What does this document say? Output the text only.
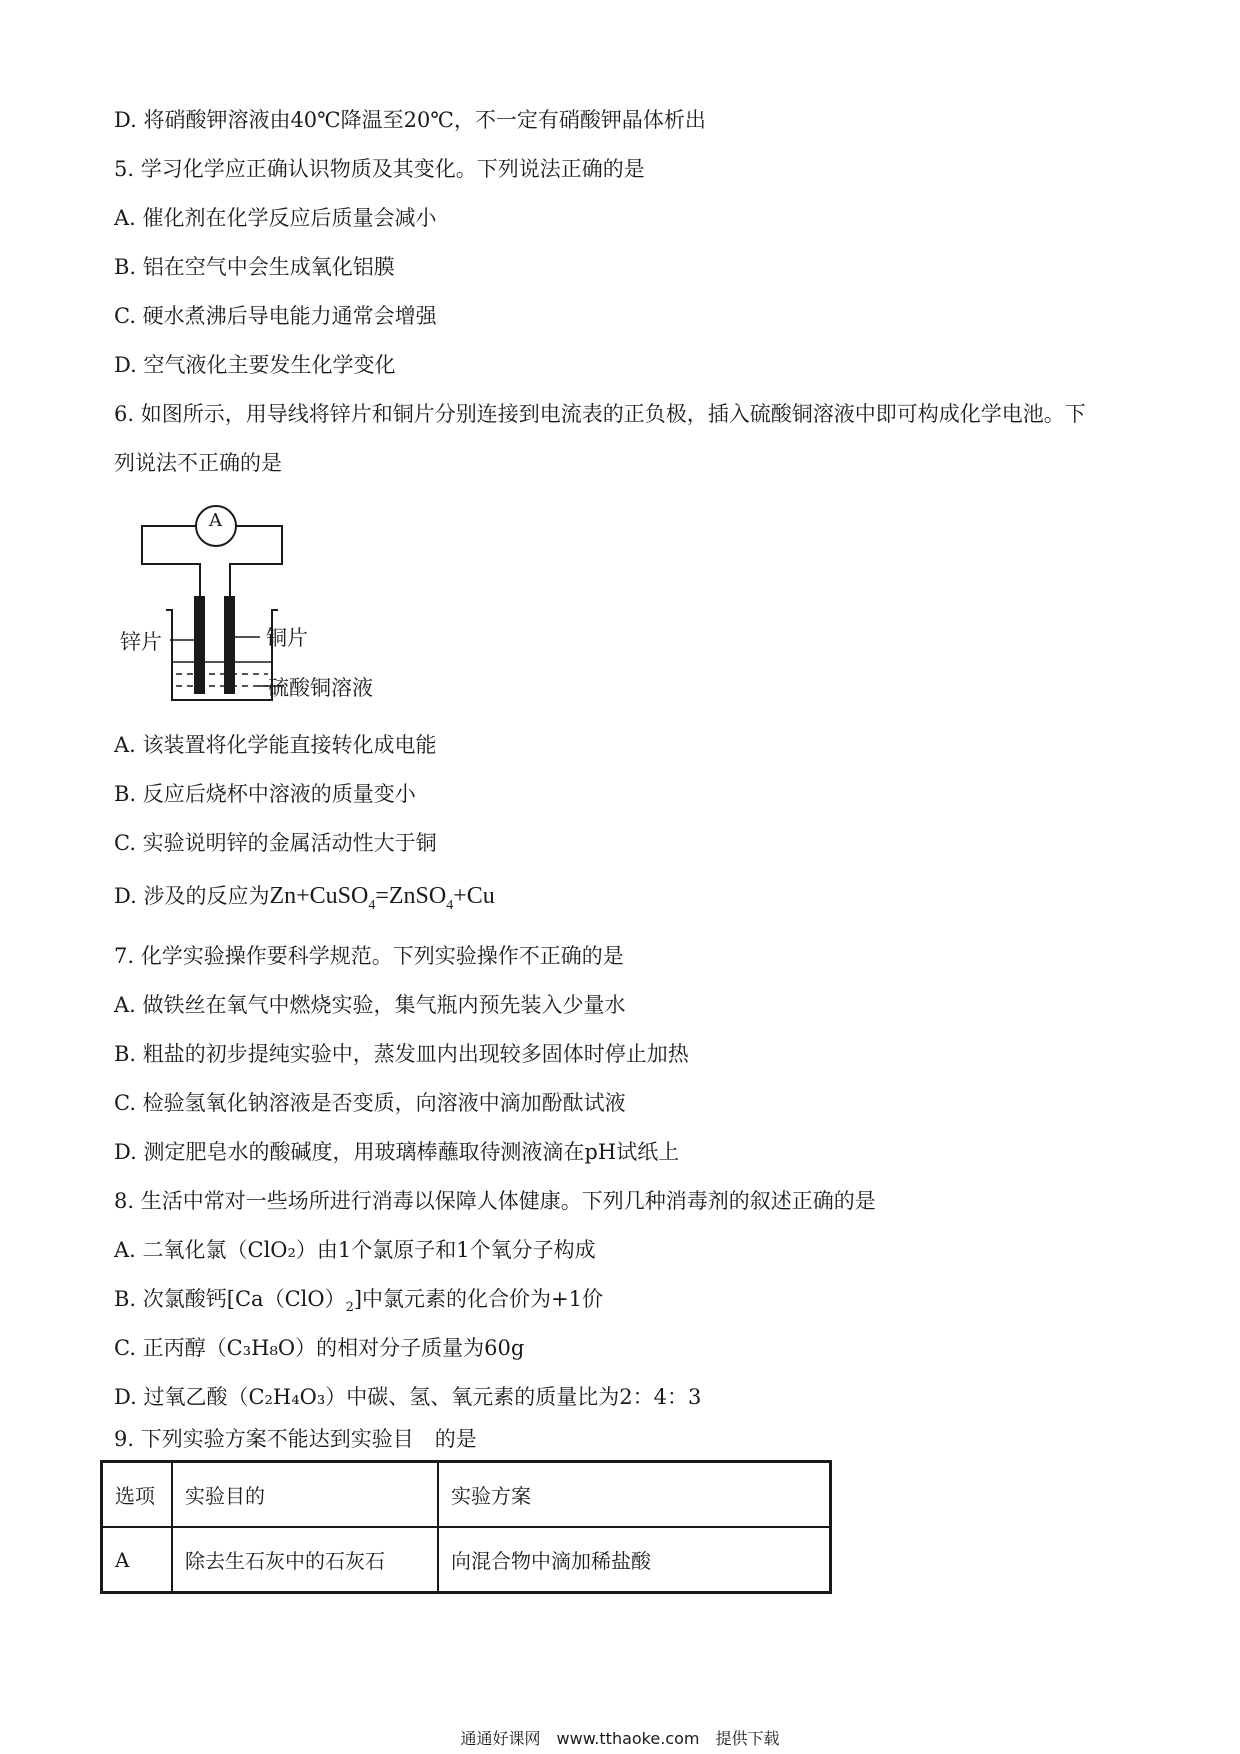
D. 将硝酸钾溶液由40℃降温至20℃，不一定有硝酸钾晶体析出
5. 学习化学应正确认识物质及其变化。下列说法正确的是
A. 催化剂在化学反应后质量会减小
B. 铝在空气中会生成氧化铝膜
C. 硬水煮沸后导电能力通常会增强
D. 空气液化主要发生化学变化
6. 如图所示，用导线将锌片和铜片分别连接到电流表的正负极，插入硫酸铜溶液中即可构成化学电池。下
列说法不正确的是
A
锌片	铜片
硫酸铜溶液
A. 该装置将化学能直接转化成电能
B. 反应后烧杯中溶液的质量变小
C. 实验说明锌的金属活动性大于铜
D. 涉及的反应为Zn+CuSO$_4$=ZnSO$_4$+Cu
7. 化学实验操作要科学规范。下列实验操作不正确的是
A. 做铁丝在氧气中燃烧实验，集气瓶内预先装入少量水
B. 粗盐的初步提纯实验中，蒸发皿内出现较多固体时停止加热
C. 检验氢氧化钠溶液是否变质，向溶液中滴加酚酞试液
D. 测定肥皂水的酸碱度，用玻璃棒蘸取待测液滴在pH试纸上
8. 生活中常对一些场所进行消毒以保障人体健康。下列几种消毒剂的叙述正确的是
A. 二氧化氯（ClO₂）由1个氯原子和1个氧分子构成
B. 次氯酸钙$[Ca(ClO)_2]$中氯元素的化合价为+1价
C. 正丙醇（C₃H₈O）的相对分子质量为60g
D. 过氧乙酸（C₂H₄O₃）中碳、氢、氧元素的质量比为2：4：3
9. 下列实验方案不能达到实验目　的是
选项	实验目的	实验方案
A	除去生石灰中的石灰石	向混合物中滴加稀盐酸
通通好课网　www.tthaoke.com　提供下载
